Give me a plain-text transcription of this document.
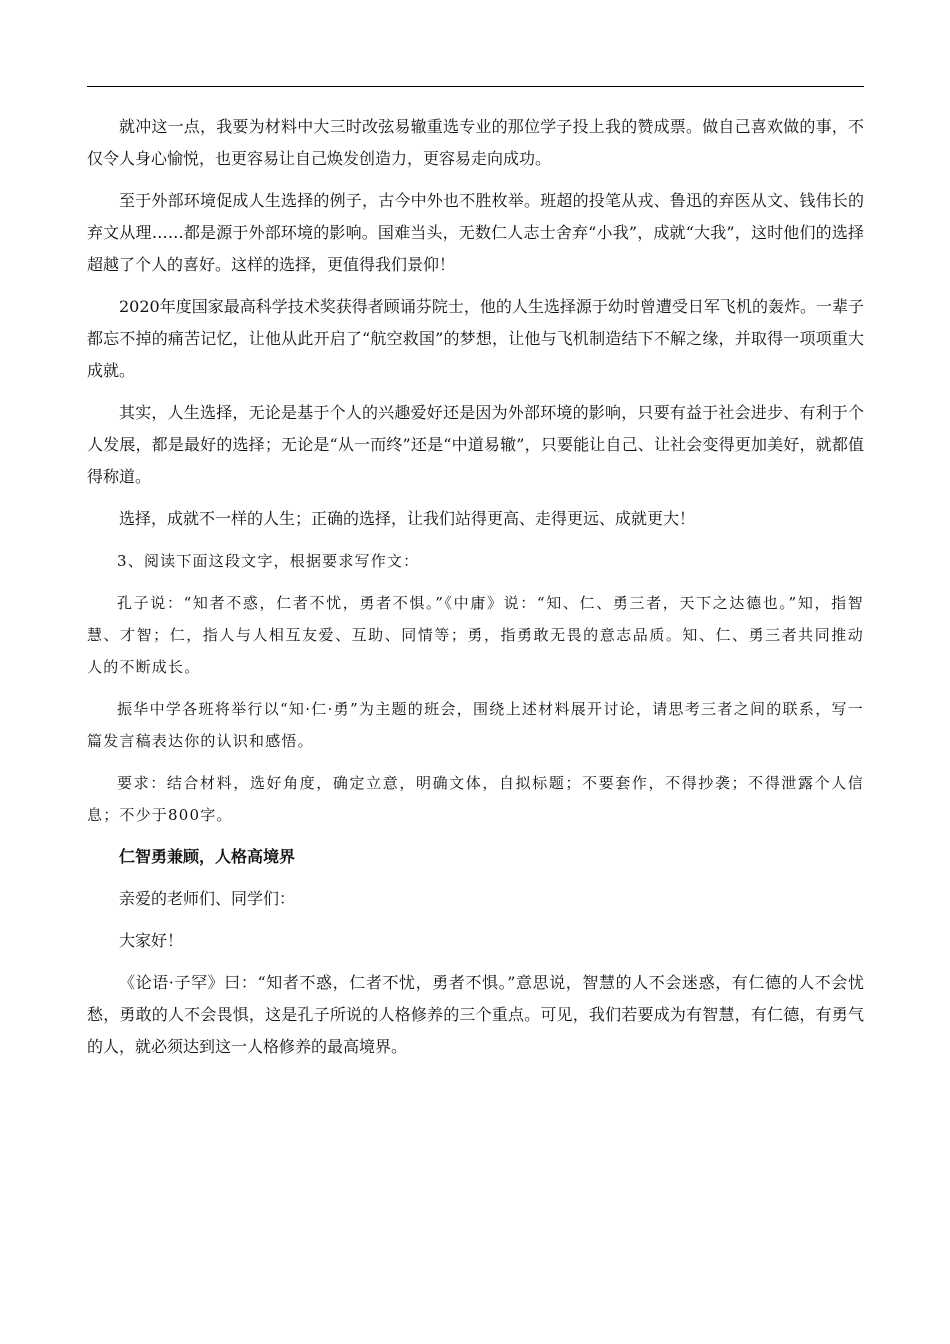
就冲这一点，我要为材料中大三时改弦易辙重选专业的那位学子投上我的赞成票。做自己喜欢做的事，不仅令人身心愉悦，也更容易让自己焕发创造力，更容易走向成功。

至于外部环境促成人生选择的例子，古今中外也不胜枚举。班超的投笔从戎、鲁迅的弃医从文、钱伟长的弃文从理……都是源于外部环境的影响。国难当头，无数仁人志士舍弃“小我”，成就“大我”，这时他们的选择超越了个人的喜好。这样的选择，更值得我们景仰！

2020年度国家最高科学技术奖获得者顾诵芬院士，他的人生选择源于幼时曾遭受日军飞机的轰炸。一辈子都忘不掉的痛苦记忆，让他从此开启了“航空救国”的梦想，让他与飞机制造结下不解之缘，并取得一项项重大成就。

其实，人生选择，无论是基于个人的兴趣爱好还是因为外部环境的影响，只要有益于社会进步、有利于个人发展，都是最好的选择；无论是“从一而终”还是“中道易辙”，只要能让自己、让社会变得更加美好，就都值得称道。

选择，成就不一样的人生；正确的选择，让我们站得更高、走得更远、成就更大！

3、阅读下面这段文字，根据要求写作文：

孔子说：“知者不惑，仁者不忧，勇者不惧。”《中庸》说：“知、仁、勇三者，天下之达德也。”知，指智慧、才智；仁，指人与人相互友爱、互助、同情等；勇，指勇敢无畏的意志品质。知、仁、勇三者共同推动人的不断成长。

振华中学各班将举行以“知·仁·勇”为主题的班会，围绕上述材料展开讨论，请思考三者之间的联系，写一篇发言稿表达你的认识和感悟。

要求：结合材料，选好角度，确定立意，明确文体，自拟标题；不要套作，不得抄袭；不得泄露个人信息；不少于800字。

仁智勇兼顾，人格高境界

亲爱的老师们、同学们：

大家好！

《论语·子罕》曰：“知者不惑，仁者不忧，勇者不惧。”意思说，智慧的人不会迷惑，有仁德的人不会忧愁，勇敢的人不会畏惧，这是孔子所说的人格修养的三个重点。可见，我们若要成为有智慧，有仁德，有勇气的人，就必须达到这一人格修养的最高境界。
